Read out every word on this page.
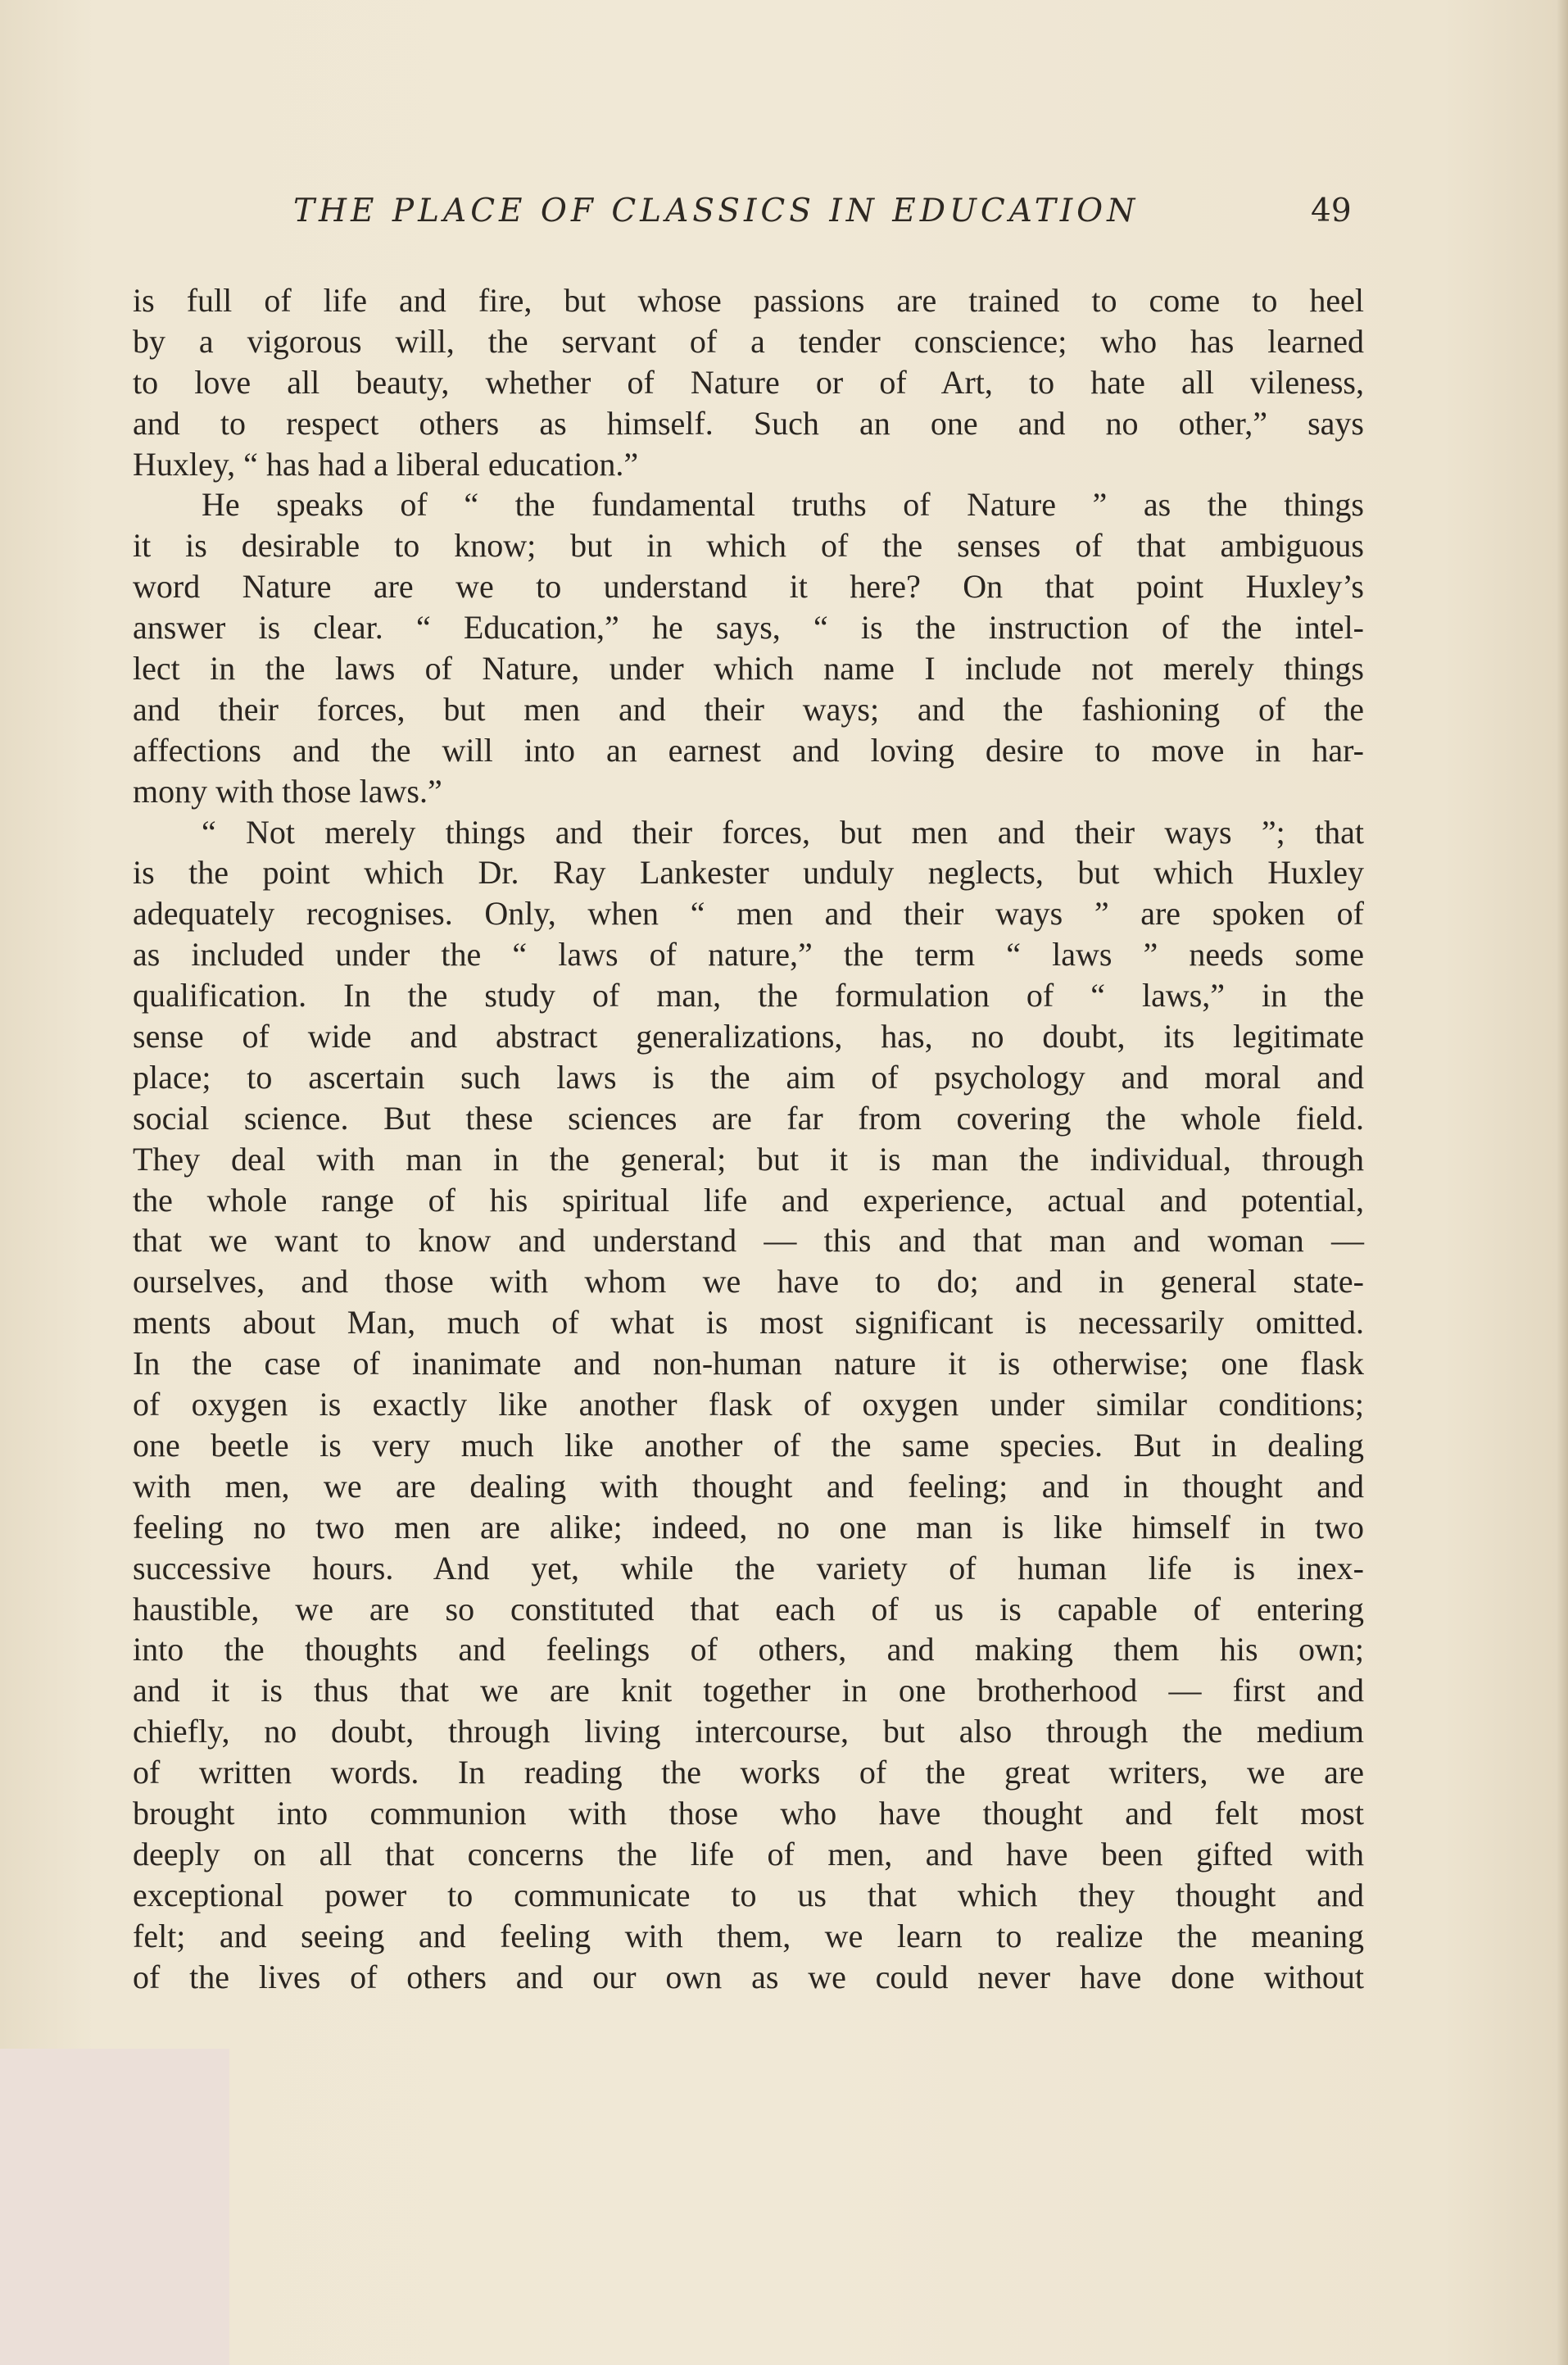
THE PLACE OF CLASSICS IN EDUCATION	49
is full of life and fire, but whose passions are trained to come to heel
by a vigorous will, the servant of a tender conscience; who has learned
to love all beauty, whether of Nature or of Art, to hate all vileness,
and to respect others as himself. Such an one and no other,” says
Huxley, “ has had a liberal education.”
He speaks of “ the fundamental truths of Nature ” as the things
it is desirable to know; but in which of the senses of that ambiguous
word Nature are we to understand it here? On that point Huxley’s
answer is clear. “ Education,” he says, “ is the instruction of the intel-
lect in the laws of Nature, under which name I include not merely things
and their forces, but men and their ways; and the fashioning of the
affections and the will into an earnest and loving desire to move in har-
mony with those laws.”
“ Not merely things and their forces, but men and their ways ”; that
is the point which Dr. Ray Lankester unduly neglects, but which Huxley
adequately recognises. Only, when “ men and their ways ” are spoken of
as included under the “ laws of nature,” the term “ laws ” needs some
qualification. In the study of man, the formulation of “ laws,” in the
sense of wide and abstract generalizations, has, no doubt, its legitimate
place; to ascertain such laws is the aim of psychology and moral and
social science. But these sciences are far from covering the whole field.
They deal with man in the general; but it is man the individual, through
the whole range of his spiritual life and experience, actual and potential,
that we want to know and understand — this and that man and woman —
ourselves, and those with whom we have to do; and in general state-
ments about Man, much of what is most significant is necessarily omitted.
In the case of inanimate and non-human nature it is otherwise; one flask
of oxygen is exactly like another flask of oxygen under similar conditions;
one beetle is very much like another of the same species. But in dealing
with men, we are dealing with thought and feeling; and in thought and
feeling no two men are alike; indeed, no one man is like himself in two
successive hours. And yet, while the variety of human life is inex-
haustible, we are so constituted that each of us is capable of entering
into the thoughts and feelings of others, and making them his own;
and it is thus that we are knit together in one brotherhood — first and
chiefly, no doubt, through living intercourse, but also through the medium
of written words. In reading the works of the great writers, we are
brought into communion with those who have thought and felt most
deeply on all that concerns the life of men, and have been gifted with
exceptional power to communicate to us that which they thought and
felt; and seeing and feeling with them, we learn to realize the meaning
of the lives of others and our own as we could never have done without
